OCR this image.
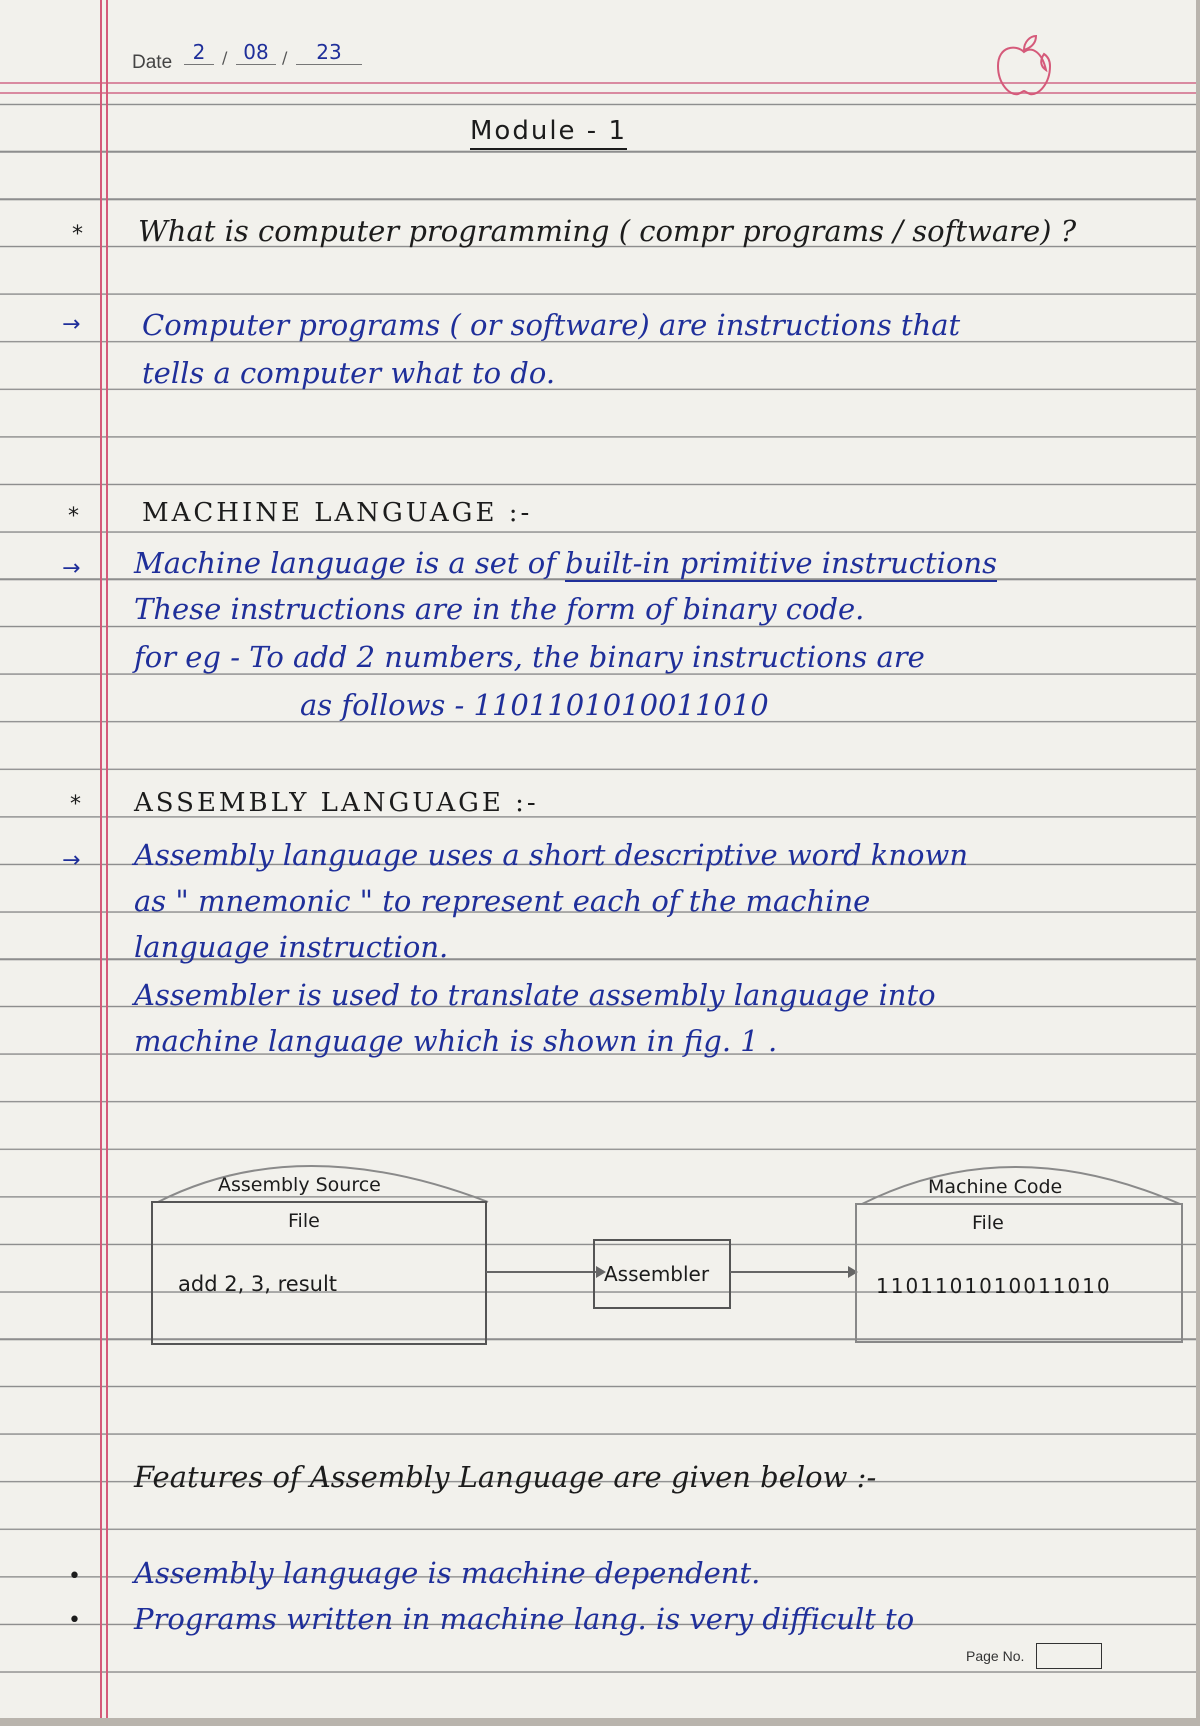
Date	2	/ 08 /	23
Module - 1
* What is computer programming ( compr programs / software) ?
→ Computer programs ( or software) are instructions that
tells a computer what to do.
* MACHINE LANGUAGE :-
→ Machine language is a set of built-in primitive instructions
These instructions are in the form of binary code.
for eg - To add 2 numbers, the binary instructions are
as follows - 1101101010011010
* ASSEMBLY LANGUAGE :-
→ Assembly language uses a short descriptive word known
as " mnemonic " to represent each of the machine
language instruction.
Assembler is used to translate assembly language into
machine language which is shown in fig. 1 .
Assembly Source
File
add 2, 3, result	Assembler
Machine Code
File
1101101010011010
Features of Assembly Language are given below :-
• Assembly language is machine dependent.
• Programs written in machine lang. is very difficult to
Page No.
